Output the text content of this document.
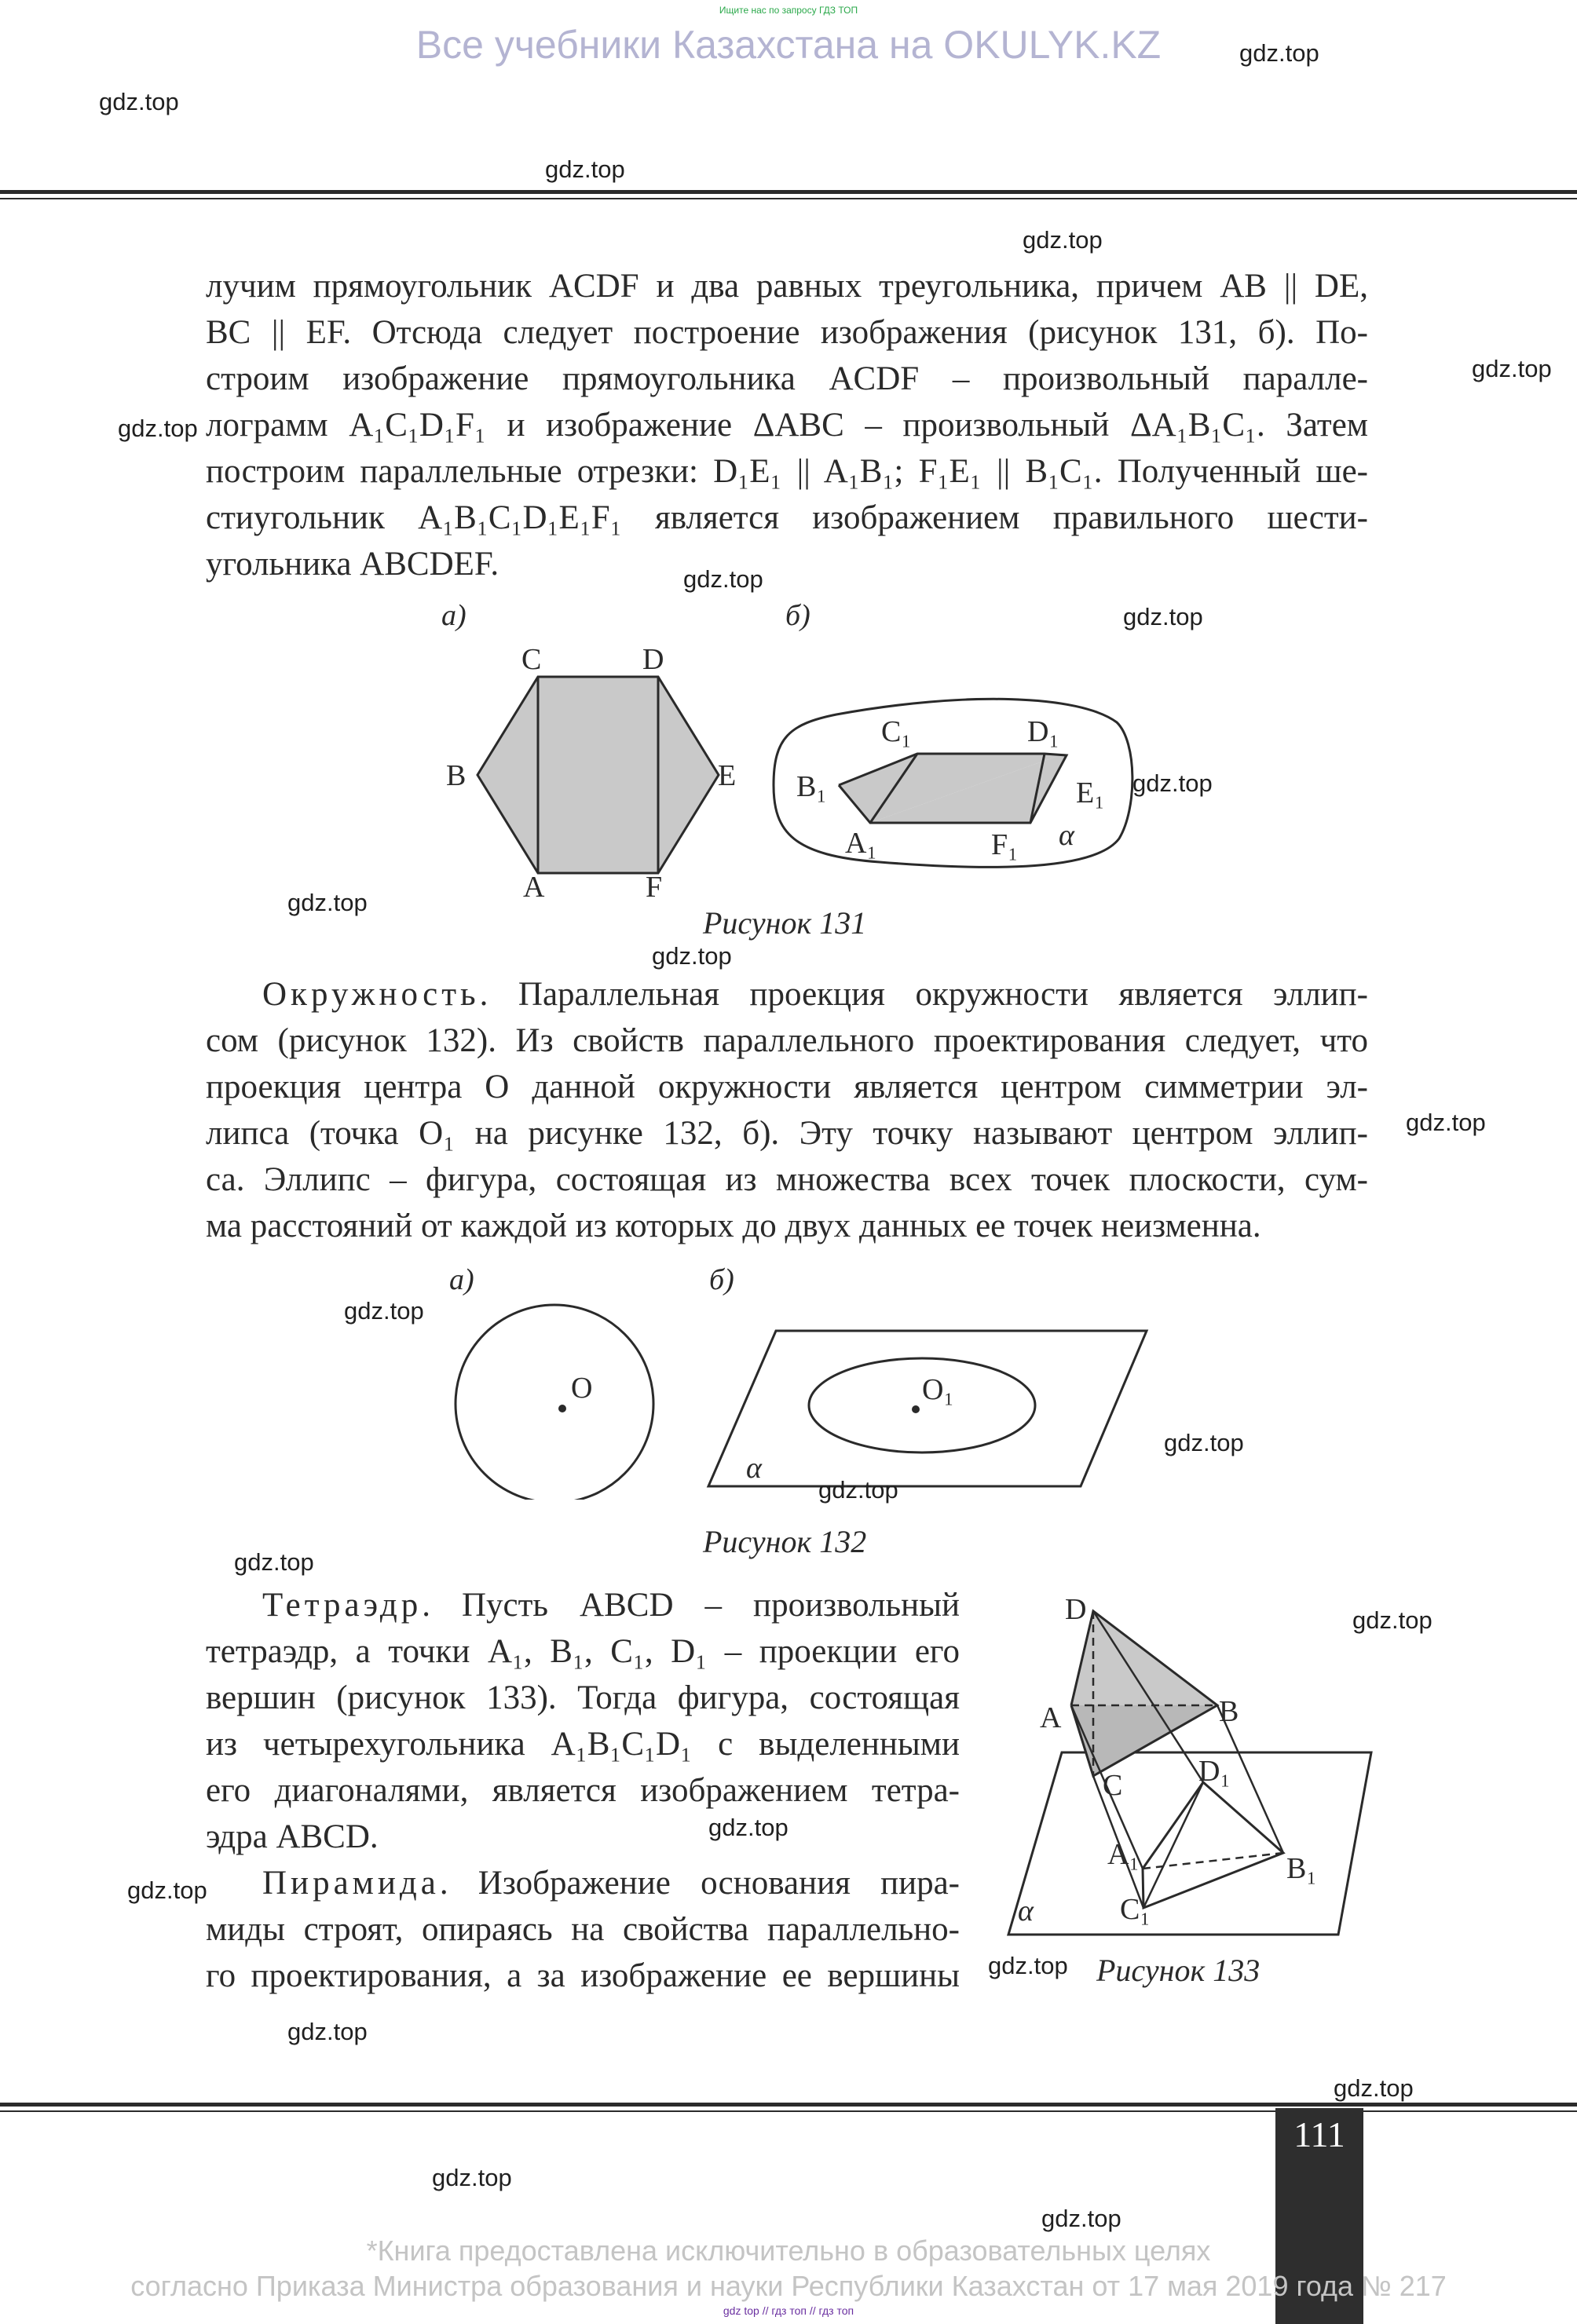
Ищите нас по запросу ГДЗ ТОП
Все учебники Казахстана на OKULYK.KZ
лучим прямоугольник ACDF и два равных треугольника, причем AB || DE,
BC || EF. Отсюда следует построение изображения (рисунок 131, б). По-
строим изображение прямоугольника ACDF – произвольный паралле-
лограмм A₁C₁D₁F₁ и изображение ΔABC – произвольный ΔA₁B₁C₁. Затем
построим параллельные отрезки: D₁E₁ || A₁B₁; F₁E₁ || B₁C₁. Полученный ше-
стиугольник A₁B₁C₁D₁E₁F₁ является изображением правильного шести-
угольника ABCDEF.
а)	б)
C	D
B	E
A	F
C₁	D₁
B₁	E₁
A₁	F₁ α
Рисунок 131
Окружность. Параллельная проекция окружности является эллип-
сом (рисунок 132). Из свойств параллельного проектирования следует, что
проекция центра O данной окружности является центром симметрии эл-
липса (точка O₁ на рисунке 132, б). Эту точку называют центром эллип-
са. Эллипс – фигура, состоящая из множества всех точек плоскости, сум-
ма расстояний от каждой из которых до двух данных ее точек неизменна.
а)	б)
O	O₁
α
Рисунок 132
Тетраэдр. Пусть ABCD – произвольный
тетраэдр, а точки A₁, B₁, C₁, D₁ – проекции его
вершин (рисунок 133). Тогда фигура, состоящая
из четырехугольника A₁B₁C₁D₁ с выделенными
его диагоналями, является изображением тетра-
эдра ABCD.
Пирамида. Изображение основания пира-
миды строят, опираясь на свойства параллельно-
го проектирования, а за изображение ее вершины
D
B
A
C	D₁
B₁
A₁
C₁
α
Рисунок 133
111
*Книга предоставлена исключительно в образовательных целях
согласно Приказа Министра образования и науки Республики Казахстан от 17 мая 2019 года № 217
gdz top // гдз топ // гдз топ
gdz.top
gdz.top
gdz.top
gdz.top
gdz.top
gdz.top
gdz.top
gdz.top
gdz.top
gdz.top
gdz.top
gdz.top
gdz.top
gdz.top
gdz.top
gdz.top
gdz.top
gdz.top
gdz.top
gdz.top
gdz.top
gdz.top
gdz.top
gdz.top
